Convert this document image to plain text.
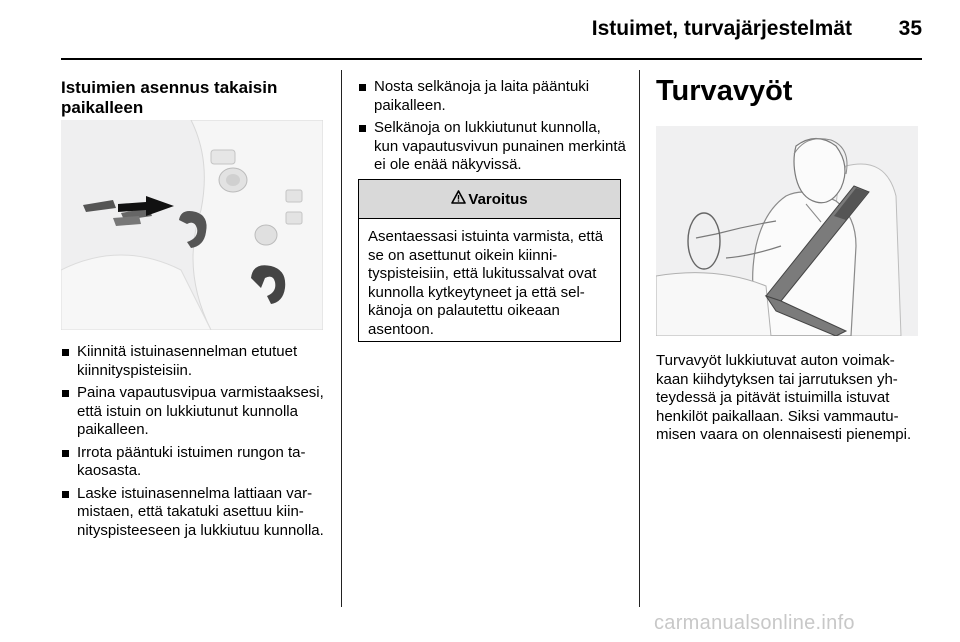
Istuimet, turvajärjestelmät	35
Istuimien asennus takaisin paikalleen
Kiinnitä istuinasennelman etutuet kiinnityspisteisiin.
Paina vapautusvipua varmistaaksesi, että istuin on lukkiutunut kunnolla paikalleen.
Irrota pääntuki istuimen rungon takaosasta.
Laske istuinasennelma lattiaan varmistaen, että takatuki asettuu kiinnityspisteeseen ja lukkiutuu kunnolla.
Nosta selkänoja ja laita pääntuki paikalleen.
Selkänoja on lukkiutunut kunnolla, kun vapautusvivun punainen merkintä ei ole enää näkyvissä.
Varoitus
Asentaessasi istuinta varmista, että se on asettunut oikein kiinnityspisteisiin, että lukitussalvat ovat kunnolla kytkeytyneet ja että selkänoja on palautettu oikeaan asentoon.
Turvavyöt
Turvavyöt lukkiutuvat auton voimakkaan kiihdytyksen tai jarrutuksen yhteydessä ja pitävät istuimilla istuvat henkilöt paikallaan. Siksi vammautumisen vaara on olennaisesti pienempi.
carmanualsonline.info
